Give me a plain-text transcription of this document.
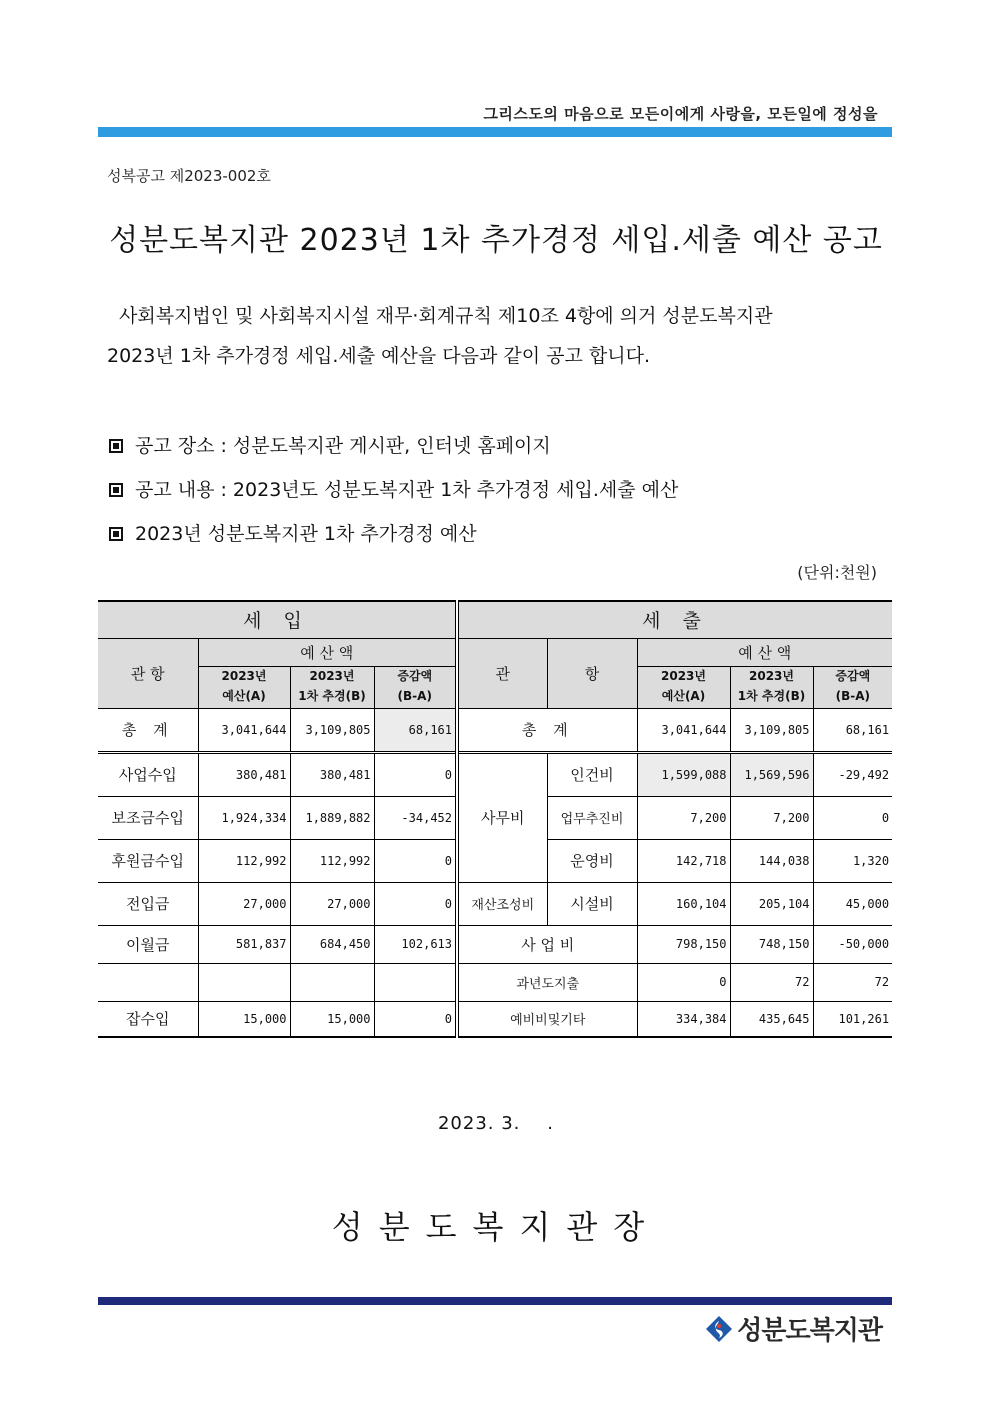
그리스도의 마음으로 모든이에게 사랑을, 모든일에 정성을
성복공고 제2023-002호
성분도복지관 2023년 1차 추가경정 세입.세출 예산 공고
사회복지법인 및 사회복지시설 재무·회계규칙 제10조 4항에 의거 성분도복지관
2023년 1차 추가경정 세입.세출 예산을 다음과 같이 공고 합니다.
공고 장소 : 성분도복지관 게시판, 인터넷 홈페이지
공고 내용 : 2023년도 성분도복지관 1차 추가경정 세입.세출 예산
2023년 성분도복지관 1차 추가경정 예산
(단위:천원)
세 입				세 출				
관 항	예 산 액			관	항	예 산 액		
	2023년	2023년	증감액			2023년	2023년	증감액
	예산(A)	1차 추경(B)	(B-A)			예산(A)	1차 추경(B)	(B-A)
총 계	3,041,644	3,109,805	68,161	총 계		3,041,644	3,109,805	68,161
사업수입	380,481	380,481	0	사무비	인건비	1,599,088	1,569,596	-29,492
보조금수입	1,924,334	1,889,882	-34,452		업무추진비	7,200	7,200	0
후원금수입	112,992	112,992	0		운영비	142,718	144,038	1,320
전입금	27,000	27,000	0	재산조성비	시설비	160,104	205,104	45,000
이월금	581,837	684,450	102,613	사 업 비		798,150	748,150	-50,000
				과년도지출		0	72	72
잡수입	15,000	15,000	0	예비비및기타		334,384	435,645	101,261
2023. 3.    .
성분도복지관장
성분도복지관
